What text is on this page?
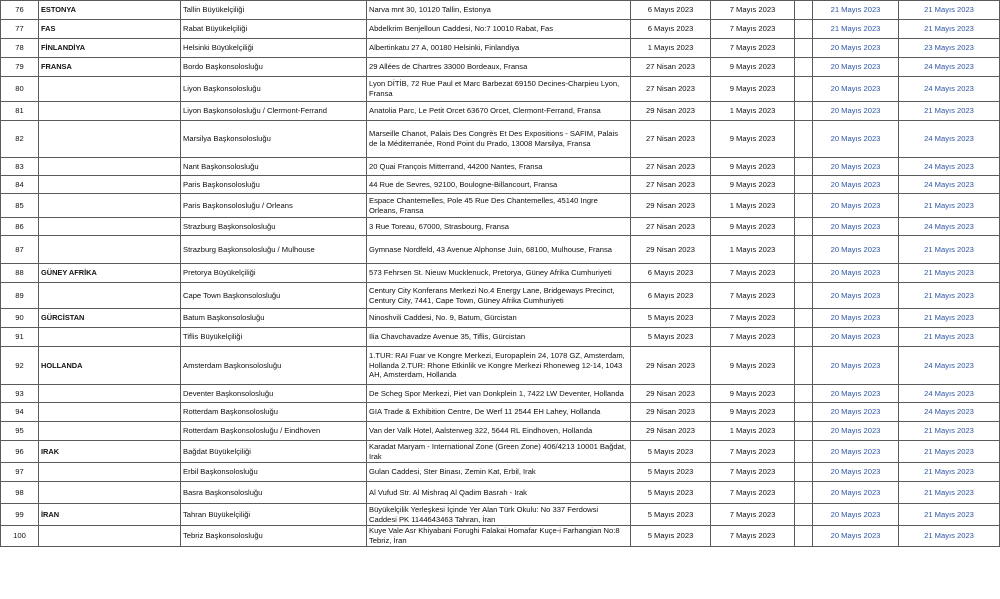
76	ESTONYA	Tallin Büyükelçiliği	Narva mnt 30, 10120 Tallin, Estonya	6 Mayıs 2023	7 Mayıs 2023		21 Mayıs 2023	21 Mayıs 2023
77	FAS	Rabat Büyükelçiliği	Abdelkrim Benjelloun Caddesi, No:7 10010 Rabat, Fas	6 Mayıs 2023	7 Mayıs 2023		21 Mayıs 2023	21 Mayıs 2023
78	FİNLANDİYA	Helsinki Büyükelçiliği	Albertinkatu 27 A, 00180 Helsinki, Finlandiya	1 Mayıs 2023	7 Mayıs 2023		20 Mayıs 2023	23 Mayıs 2023
79	FRANSA	Bordo Başkonsolosluğu	29 Allées de Chartres 33000 Bordeaux, Fransa	27 Nisan 2023	9 Mayıs 2023		20 Mayıs 2023	24 Mayıs 2023
80		Liyon Başkonsolosluğu	Lyon DİTİB, 72 Rue Paul et Marc Barbezat 69150 Decines-Charpieu Lyon, Fransa	27 Nisan 2023	9 Mayıs 2023		20 Mayıs 2023	24 Mayıs 2023
81		Liyon Başkonsolosluğu / Clermont-Ferrand	Anatolia Parc, Le Petit Orcet 63670 Orcet, Clermont-Ferrand, Fransa	29 Nisan 2023	1 Mayıs 2023		20 Mayıs 2023	21 Mayıs 2023
82		Marsilya Başkonsolosluğu	Marseille Chanot, Palais Des Congrès Et Des Expositions - SAFIM, Palais de la Méditerranée, Rond Point du Prado, 13008 Marsilya, Fransa	27 Nisan 2023	9 Mayıs 2023		20 Mayıs 2023	24 Mayıs 2023
83		Nant Başkonsolosluğu	20 Quai François Mitterrand, 44200 Nantes, Fransa	27 Nisan 2023	9 Mayıs 2023		20 Mayıs 2023	24 Mayıs 2023
84		Paris Başkonsolosluğu	44 Rue de Sevres, 92100, Boulogne-Billancourt, Fransa	27 Nisan 2023	9 Mayıs 2023		20 Mayıs 2023	24 Mayıs 2023
85		Paris Başkonsolosluğu / Orleans	Espace Chantemelles, Pole 45 Rue Des Chantemelles, 45140 Ingre Orleans, Fransa	29 Nisan 2023	1 Mayıs 2023		20 Mayıs 2023	21 Mayıs 2023
86		Strazburg Başkonsolosluğu	3 Rue Toreau, 67000, Strasbourg, Fransa	27 Nisan 2023	9 Mayıs 2023		20 Mayıs 2023	24 Mayıs 2023
87		Strazburg Başkonsolosluğu / Mulhouse	Gymnase Nordfeld, 43 Avenue Alphonse Juin, 68100, Mulhouse, Fransa	29 Nisan 2023	1 Mayıs 2023		20 Mayıs 2023	21 Mayıs 2023
88	GÜNEY AFRİKA	Pretorya Büyükelçiliği	573 Fehrsen St. Nieuw Mucklenuck, Pretorya, Güney Afrika Cumhuriyeti	6 Mayıs 2023	7 Mayıs 2023		20 Mayıs 2023	21 Mayıs 2023
89		Cape Town Başkonsolosluğu	Century City Konferans Merkezi No.4 Energy Lane, Bridgeways Precinct, Century City, 7441, Cape Town, Güney Afrika Cumhuriyeti	6 Mayıs 2023	7 Mayıs 2023		20 Mayıs 2023	21 Mayıs 2023
90	GÜRCİSTAN	Batum Başkonsolosluğu	Ninoshvili Caddesi, No. 9, Batum, Gürcistan	5 Mayıs 2023	7 Mayıs 2023		20 Mayıs 2023	21 Mayıs 2023
91		Tiflis Büyükelçiliği	Ilia Chavchavadze Avenue 35, Tiflis, Gürcistan	5 Mayıs 2023	7 Mayıs 2023		20 Mayıs 2023	21 Mayıs 2023
92	HOLLANDA	Amsterdam Başkonsolosluğu	1.TUR: RAI Fuar ve Kongre Merkezi, Europaplein 24, 1078 GZ, Amsterdam, Hollanda 2.TUR: Rhone Etkinlik ve Kongre Merkezi Rhoneweg 12-14, 1043 AH, Amsterdam, Hollanda	29 Nisan 2023	9 Mayıs 2023		20 Mayıs 2023	24 Mayıs 2023
93		Deventer Başkonsolosluğu	De Scheg Spor Merkezi, Piet van Donkplein 1, 7422 LW Deventer, Hollanda	29 Nisan 2023	9 Mayıs 2023		20 Mayıs 2023	24 Mayıs 2023
94		Rotterdam Başkonsolosluğu	GIA Trade & Exhibition Centre, De Werf 11 2544 EH Lahey, Hollanda	29 Nisan 2023	9 Mayıs 2023		20 Mayıs 2023	24 Mayıs 2023
95		Rotterdam Başkonsolosluğu / Eindhoven	Van der Valk Hotel, Aalsterweg 322, 5644 RL Eindhoven, Hollanda	29 Nisan 2023	1 Mayıs 2023		20 Mayıs 2023	21 Mayıs 2023
96	IRAK	Bağdat Büyükelçiliği	Karadat Maryam - International Zone (Green Zone) 406/4213 10001 Bağdat, Irak	5 Mayıs 2023	7 Mayıs 2023		20 Mayıs 2023	21 Mayıs 2023
97		Erbil Başkonsolosluğu	Gulan Caddesi, Ster Binası, Zemin Kat, Erbil, Irak	5 Mayıs 2023	7 Mayıs 2023		20 Mayıs 2023	21 Mayıs 2023
98		Basra Başkonsolosluğu	Al Vufud Str. Al Mishraq Al Qadim Basrah - Irak	5 Mayıs 2023	7 Mayıs 2023		20 Mayıs 2023	21 Mayıs 2023
99	İRAN	Tahran Büyükelçiliği	Büyükelçilik Yerleşkesi İçinde Yer Alan Türk Okulu: No 337 Ferdowsi Caddesi PK 1144643463 Tahran, İran	5 Mayıs 2023	7 Mayıs 2023		20 Mayıs 2023	21 Mayıs 2023
100		Tebriz Başkonsolosluğu	Kuye Vale Asr Khiyabani Forughi Falakai Homafar Kuçe-i Farhangian No:8 Tebriz, İran	5 Mayıs 2023	7 Mayıs 2023		20 Mayıs 2023	21 Mayıs 2023
